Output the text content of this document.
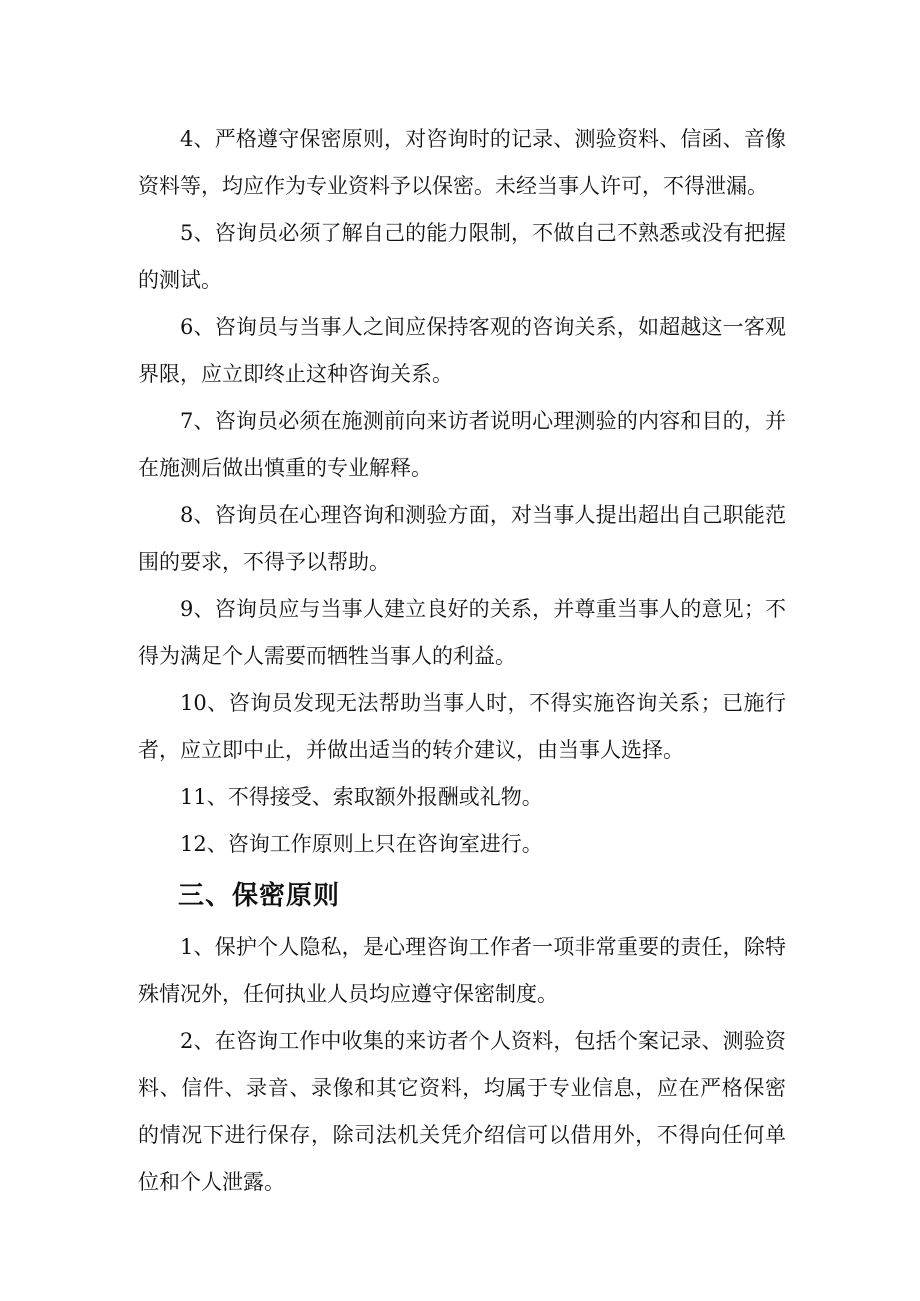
4、严格遵守保密原则，对咨询时的记录、测验资料、信函、音像资料等，均应作为专业资料予以保密。未经当事人许可，不得泄漏。

5、咨询员必须了解自己的能力限制，不做自己不熟悉或没有把握的测试。

6、咨询员与当事人之间应保持客观的咨询关系，如超越这一客观界限，应立即终止这种咨询关系。

7、咨询员必须在施测前向来访者说明心理测验的内容和目的，并在施测后做出慎重的专业解释。

8、咨询员在心理咨询和测验方面，对当事人提出超出自己职能范围的要求，不得予以帮助。

9、咨询员应与当事人建立良好的关系，并尊重当事人的意见；不得为满足个人需要而牺牲当事人的利益。

10、咨询员发现无法帮助当事人时，不得实施咨询关系；已施行者，应立即中止，并做出适当的转介建议，由当事人选择。

11、不得接受、索取额外报酬或礼物。

12、咨询工作原则上只在咨询室进行。

三、保密原则

1、保护个人隐私，是心理咨询工作者一项非常重要的责任，除特殊情况外，任何执业人员均应遵守保密制度。

2、在咨询工作中收集的来访者个人资料，包括个案记录、测验资料、信件、录音、录像和其它资料，均属于专业信息，应在严格保密的情况下进行保存，除司法机关凭介绍信可以借用外，不得向任何单位和个人泄露。
